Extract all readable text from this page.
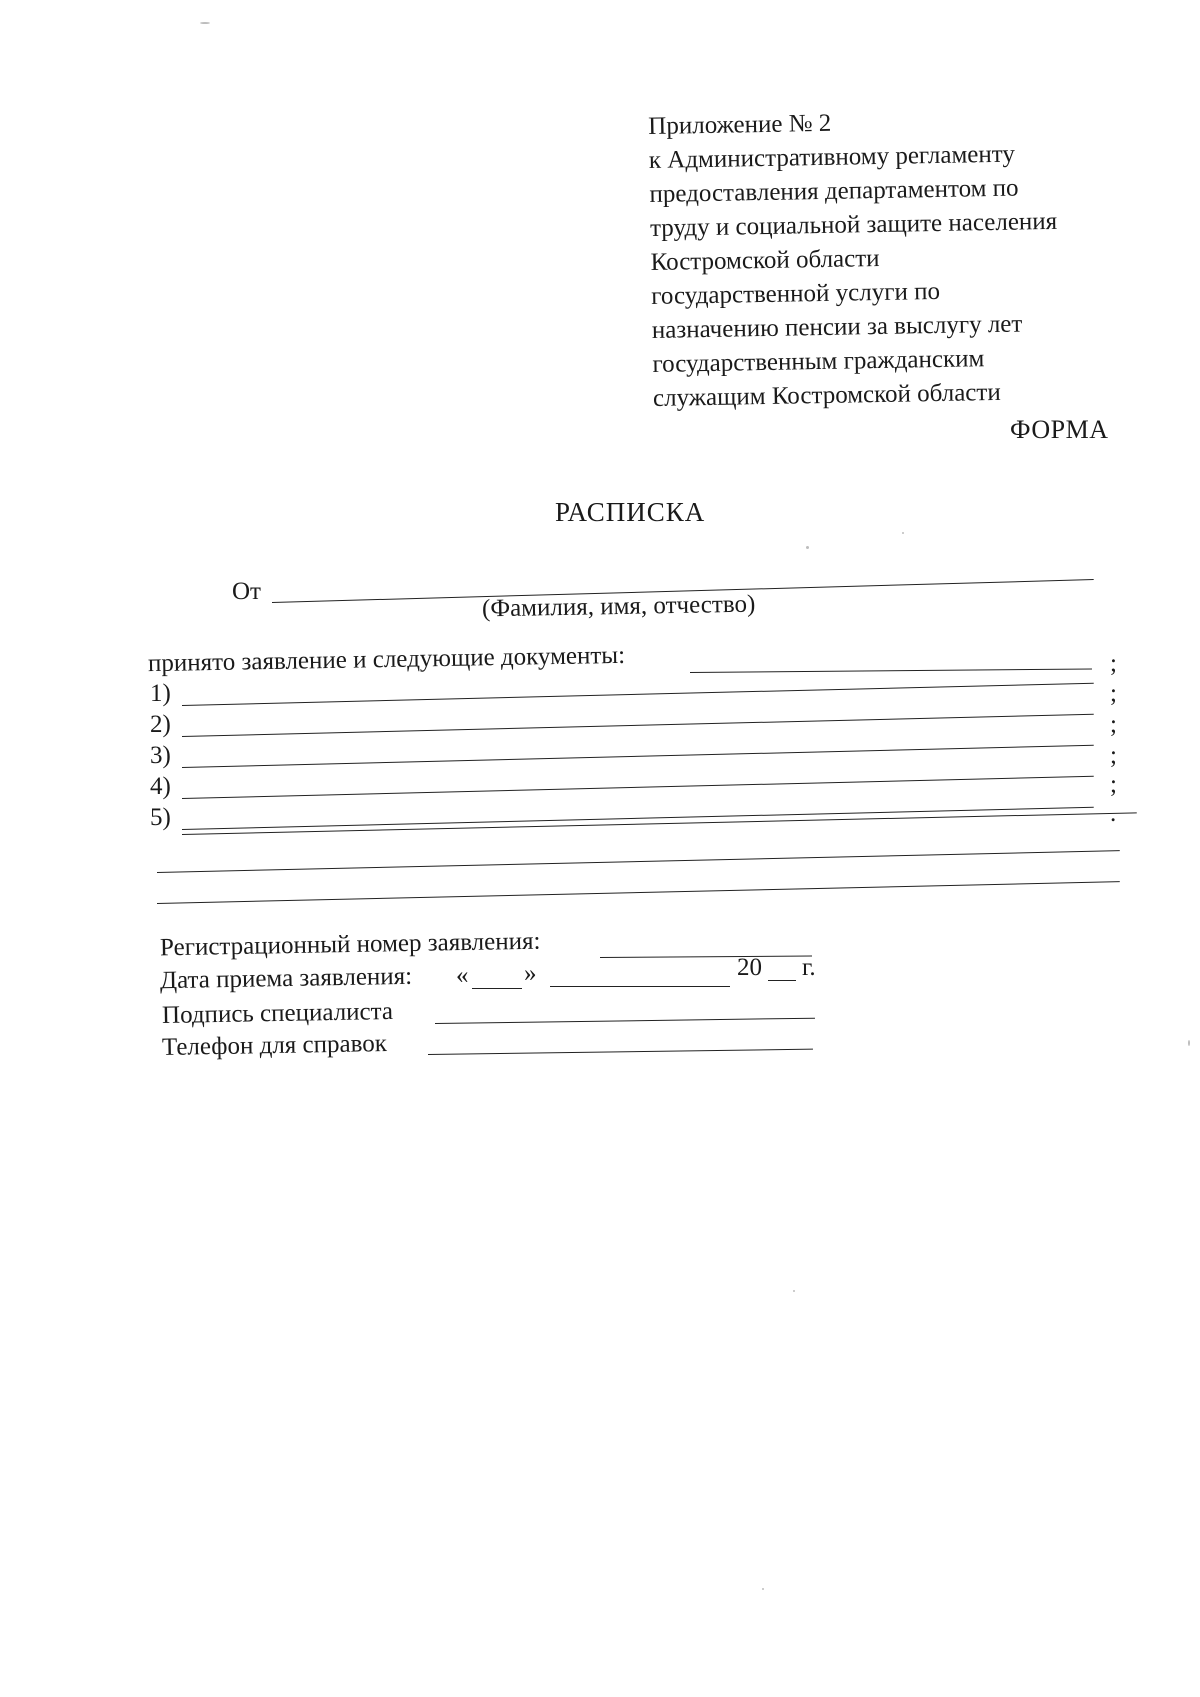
Приложение № 2
к Административному регламенту
предоставления департаментом по
труду и социальной защите населения
Костромской области
государственной услуги по
назначению пенсии за выслугу лет
государственным гражданским
служащим Костромской области
ФОРМА
РАСПИСКА
От	(Фамилия, имя, отчество)
принято заявление и следующие документы:	;
1)	;
2)	;
3)	;
4)	;
5)	.
Регистрационный номер заявления:
Дата приема заявления: « »	20 г.
Подпись специалиста
Телефон для справок
